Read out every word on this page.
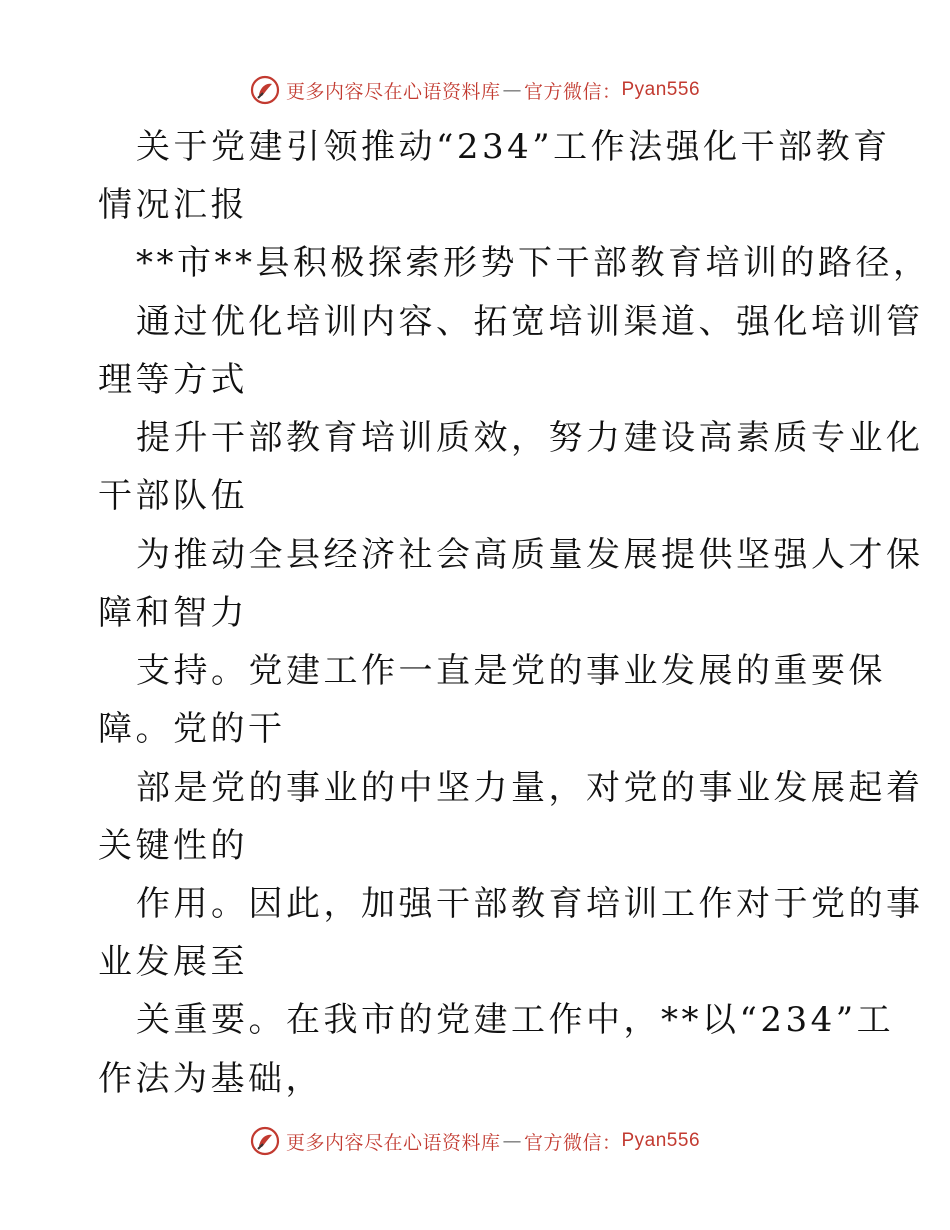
更多内容尽在心语资料库 — 官方微信： Pyan556
关于党建引领推动“234”工作法强化干部教育
情况汇报
**市**县积极探索形势下干部教育培训的路径，
通过优化培训内容、拓宽培训渠道、强化培训管
理等方式
提升干部教育培训质效，努力建设高素质专业化
干部队伍
为推动全县经济社会高质量发展提供坚强人才保
障和智力
支持。党建工作一直是党的事业发展的重要保
障。党的干
部是党的事业的中坚力量，对党的事业发展起着
关键性的
作用。因此，加强干部教育培训工作对于党的事
业发展至
关重要。在我市的党建工作中，**以“234”工
作法为基础，
更多内容尽在心语资料库 — 官方微信： Pyan556
